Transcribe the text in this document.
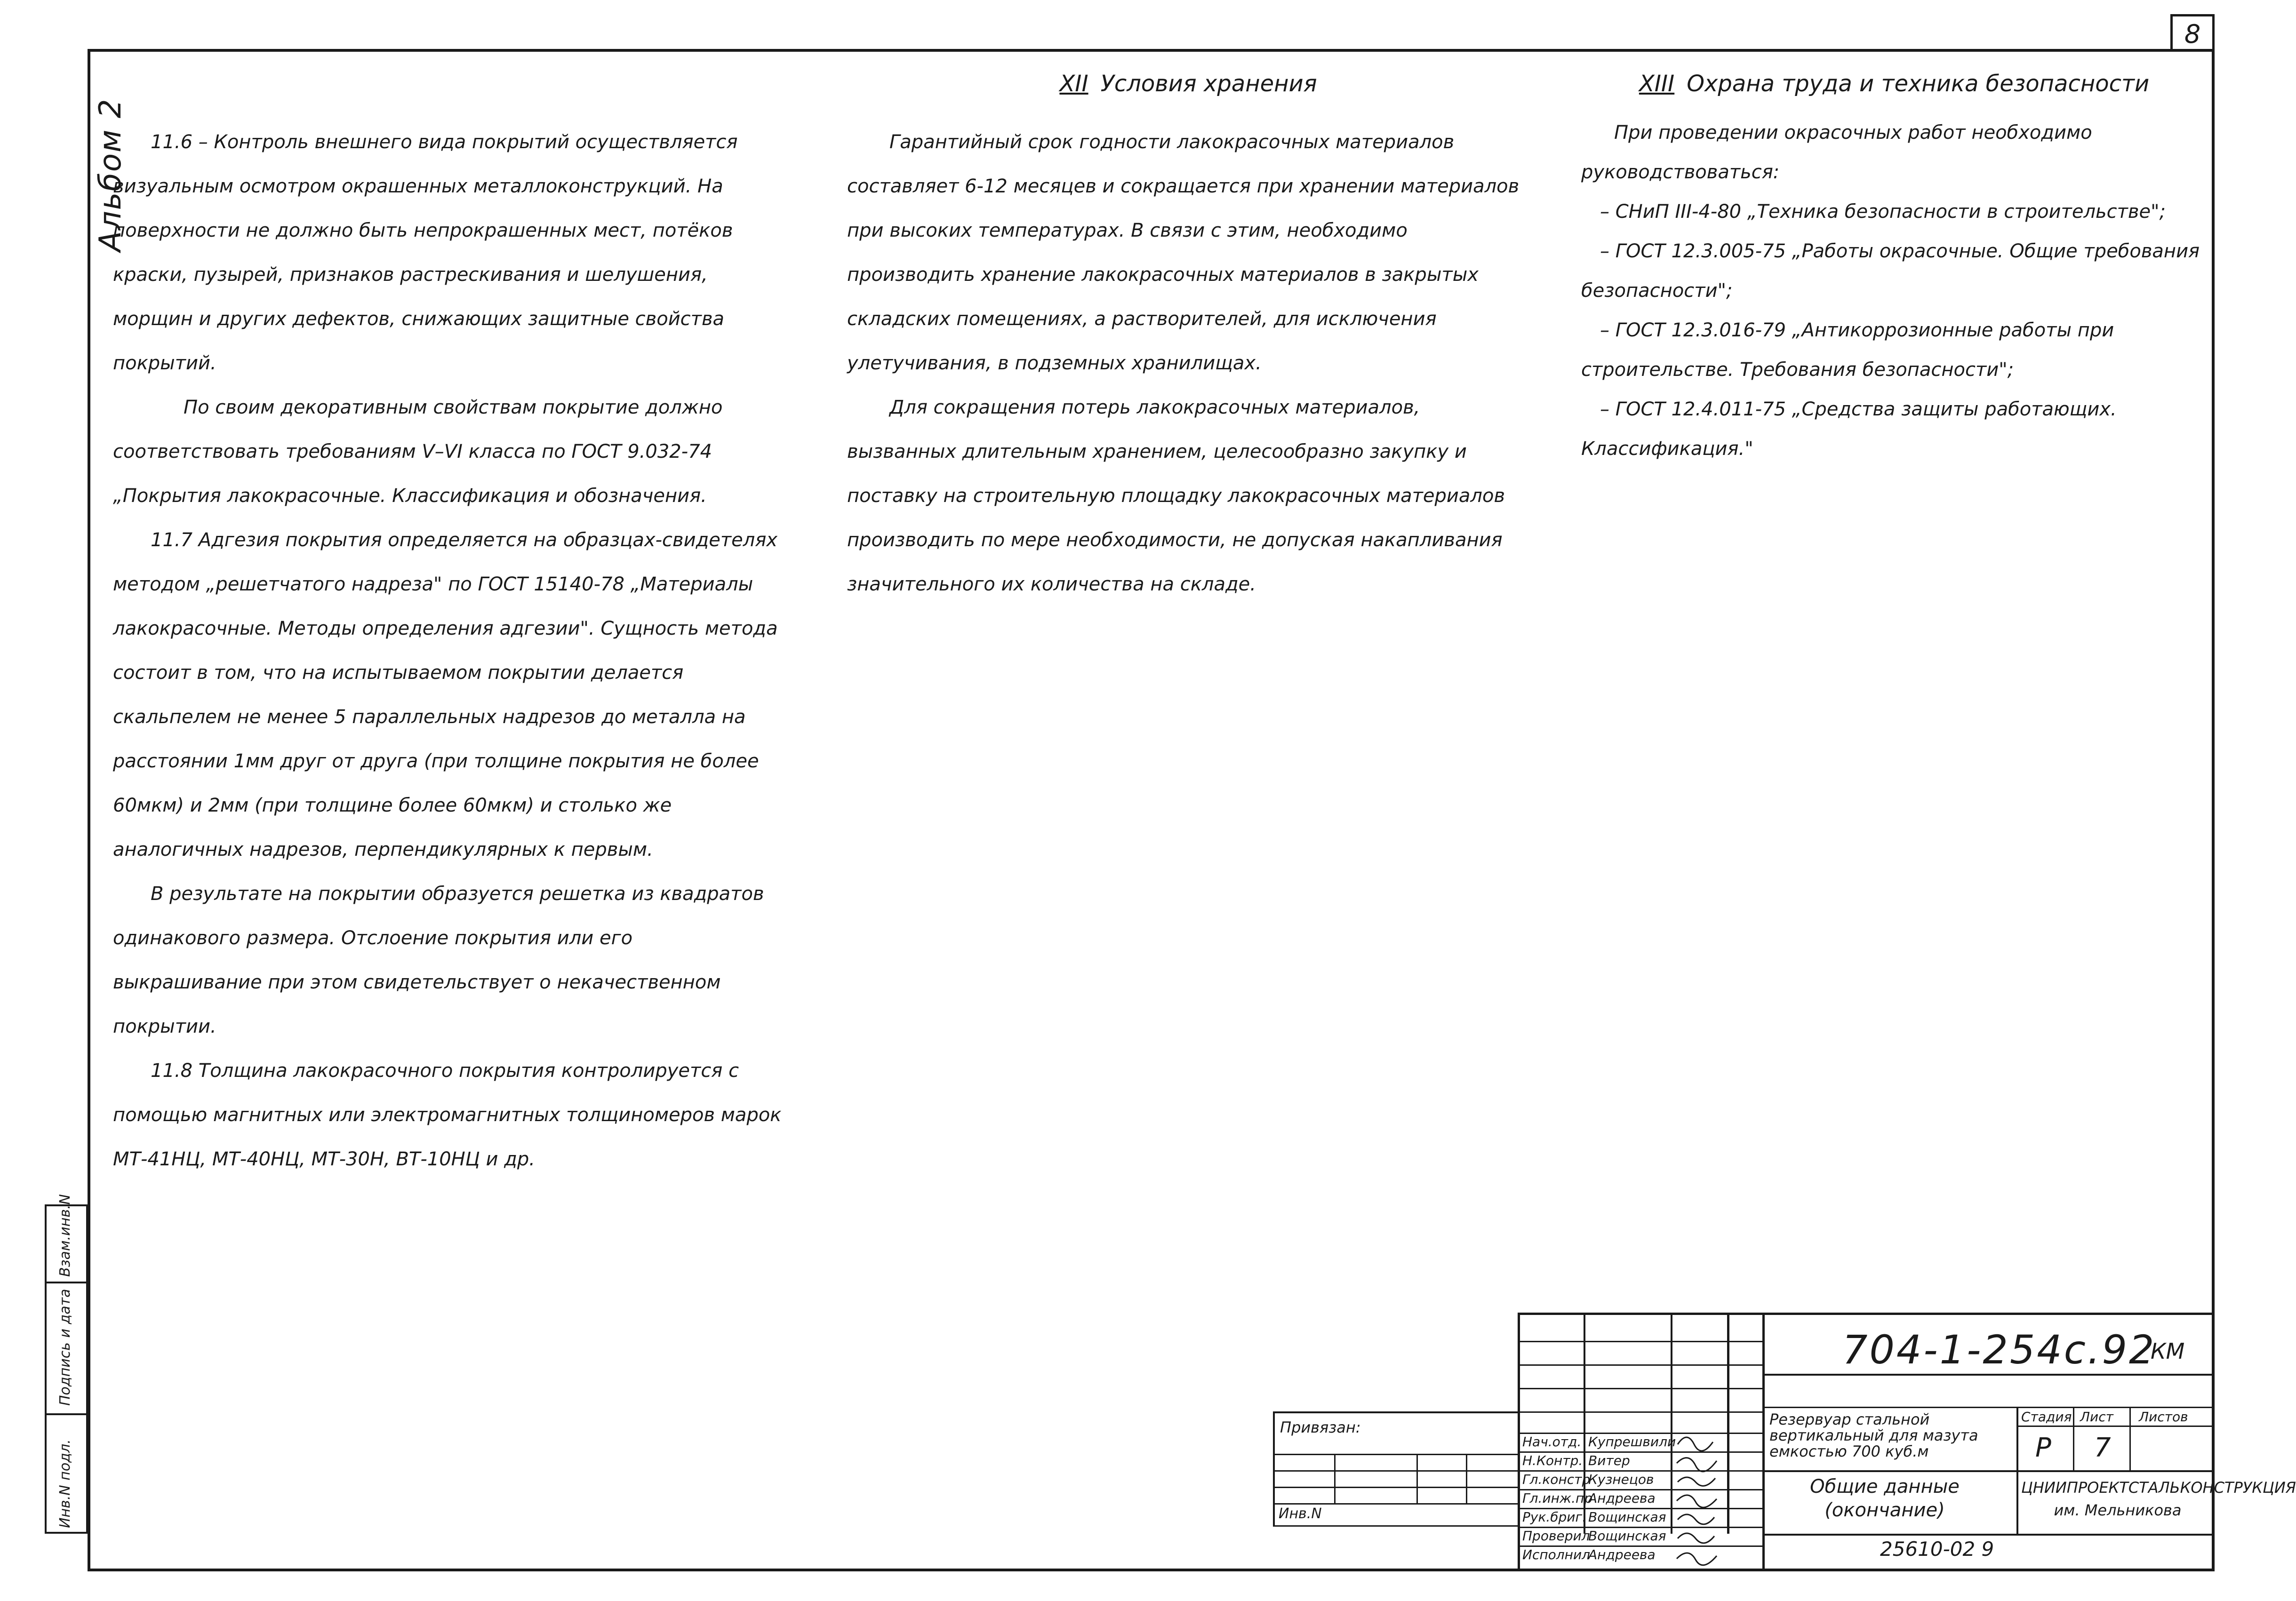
8
Альбом 2
Взам.инв.N
Подпись и дата
Инв.N подл.

11.6 – Контроль внешнего вида покрытий осуществляется визуальным осмотром окрашенных металлоконструкций. На поверхности не должно быть непрокрашенных мест, потёков краски, пузырей, признаков растрескивания и шелушения, морщин и других дефектов, снижающих защитные свойства покрытий.

По своим декоративным свойствам покрытие должно соответствовать требованиям V–VI класса по ГОСТ 9.032-74 „Покрытия лакокрасочные. Классификация и обозначения.

11.7 Адгезия покрытия определяется на образцах-свидетелях методом „решетчатого надреза" по ГОСТ 15140-78 „Материалы лакокрасочные. Методы определения адгезии". Сущность метода состоит в том, что на испытываемом покрытии делается скальпелем не менее 5 параллельных надрезов до металла на расстоянии 1мм друг от друга (при толщине покрытия не более 60мкм) и 2мм (при толщине более 60мкм) и столько же аналогичных надрезов, перпендикулярных к первым.

В результате на покрытии образуется решетка из квадратов одинакового размера. Отслоение покрытия или его выкрашивание при этом свидетельствует о некачественном покрытии.

11.8 Толщина лакокрасочного покрытия контролируется с помощью магнитных или электромагнитных толщиномеров марок МТ-41НЦ, МТ-40НЦ, МТ-30Н, ВТ-10НЦ и др.

XII Условия хранения

Гарантийный срок годности лакокрасочных материалов составляет 6-12 месяцев и сокращается при хранении материалов при высоких температурах. В связи с этим, необходимо производить хранение лакокрасочных материалов в закрытых складских помещениях, а растворителей, для исключения улетучивания, в подземных хранилищах.

Для сокращения потерь лакокрасочных материалов, вызванных длительным хранением, целесообразно закупку и поставку на строительную площадку лакокрасочных материалов производить по мере необходимости, не допуская накапливания значительного их количества на складе.

XIII Охрана труда и техника безопасности

При проведении окрасочных работ необходимо руководствоваться:

– СНиП III-4-80 „Техника безопасности в строительстве";

– ГОСТ 12.3.005-75 „Работы окрасочные. Общие требования безопасности";

– ГОСТ 12.3.016-79 „Антикоррозионные работы при строительстве. Требования безопасности";

– ГОСТ 12.4.011-75 „Средства защиты работающих. Классификация."

Нач.отд.
Н.Контр.
Гл.констр
Гл.инж.пр
Рук.бриг.
Проверил
Исполнил
Купрешвили
Витер
Кузнецов
Андреева
Вощинская
Вощинская
Андреева
704-1-254с.92
КМ
Резервуар стальной вертикальный для мазута емкостью 700 куб.м
Стадия Лист Листов
Р 7
Общие данные (окончание)
ЦНИИПРОЕКТСТАЛЬКОНСТРУКЦИЯ им. Мельникова
Привязан:
25610-02 9
Инв.N
